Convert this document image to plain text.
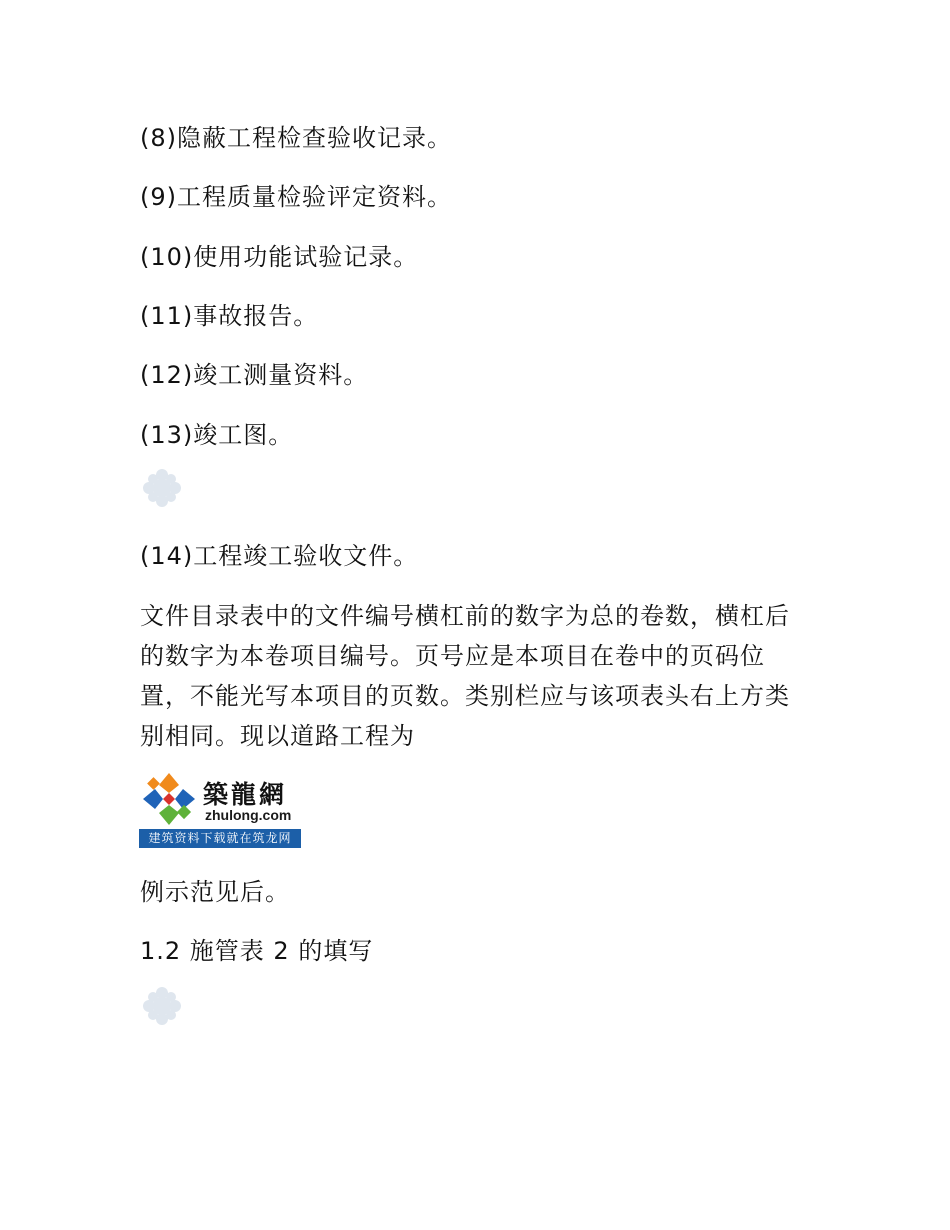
(8)隐蔽工程检查验收记录。
(9)工程质量检验评定资料。
(10)使用功能试验记录。
(11)事故报告。
(12)竣工测量资料。
(13)竣工图。
(14)工程竣工验收文件。
文件目录表中的文件编号横杠前的数字为总的卷数，横杠后的数字为本卷项目编号。页号应是本项目在卷中的页码位置，不能光写本项目的页数。类别栏应与该项表头右上方类别相同。现以道路工程为
築龍網
zhulong.com
建筑资料下载就在筑龙网
例示范见后。
1.2 施管表 2 的填写
